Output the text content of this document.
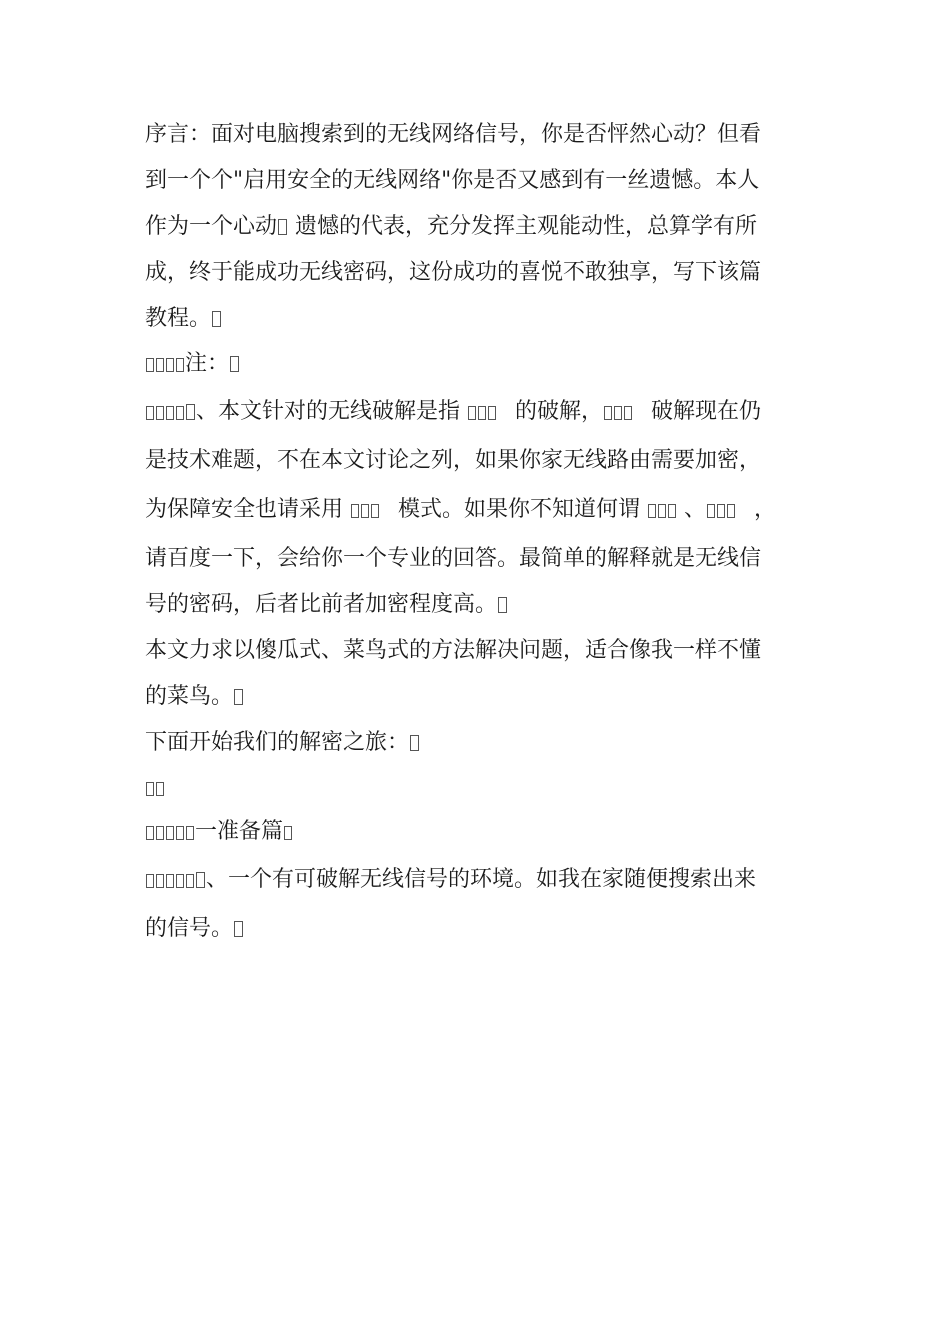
序言：面对电脑搜索到的无线网络信号，你是否怦然心动？但看
到一个个"启用安全的无线网络"你是否又感到有一丝遗憾。本人
作为一个心动 遗憾的代表，充分发挥主观能动性，总算学有所
成，终于能成功无线密码，这份成功的喜悦不敢独享，写下该篇
教程。
注：
、本文针对的无线破解是指	的破解， 破解现在仍
是技术难题，不在本文讨论之列，如果你家无线路由需要加密，
为保障安全也请采用	模式。如果你不知道何谓 、 ，
请百度一下，会给你一个专业的回答。最简单的解释就是无线信
号的密码，后者比前者加密程度高。
本文力求以傻瓜式、菜鸟式的方法解决问题，适合像我一样不懂
的菜鸟。
下面开始我们的解密之旅：
一准备篇
、一个有可破解无线信号的环境。如我在家随便搜索出来
的信号。
